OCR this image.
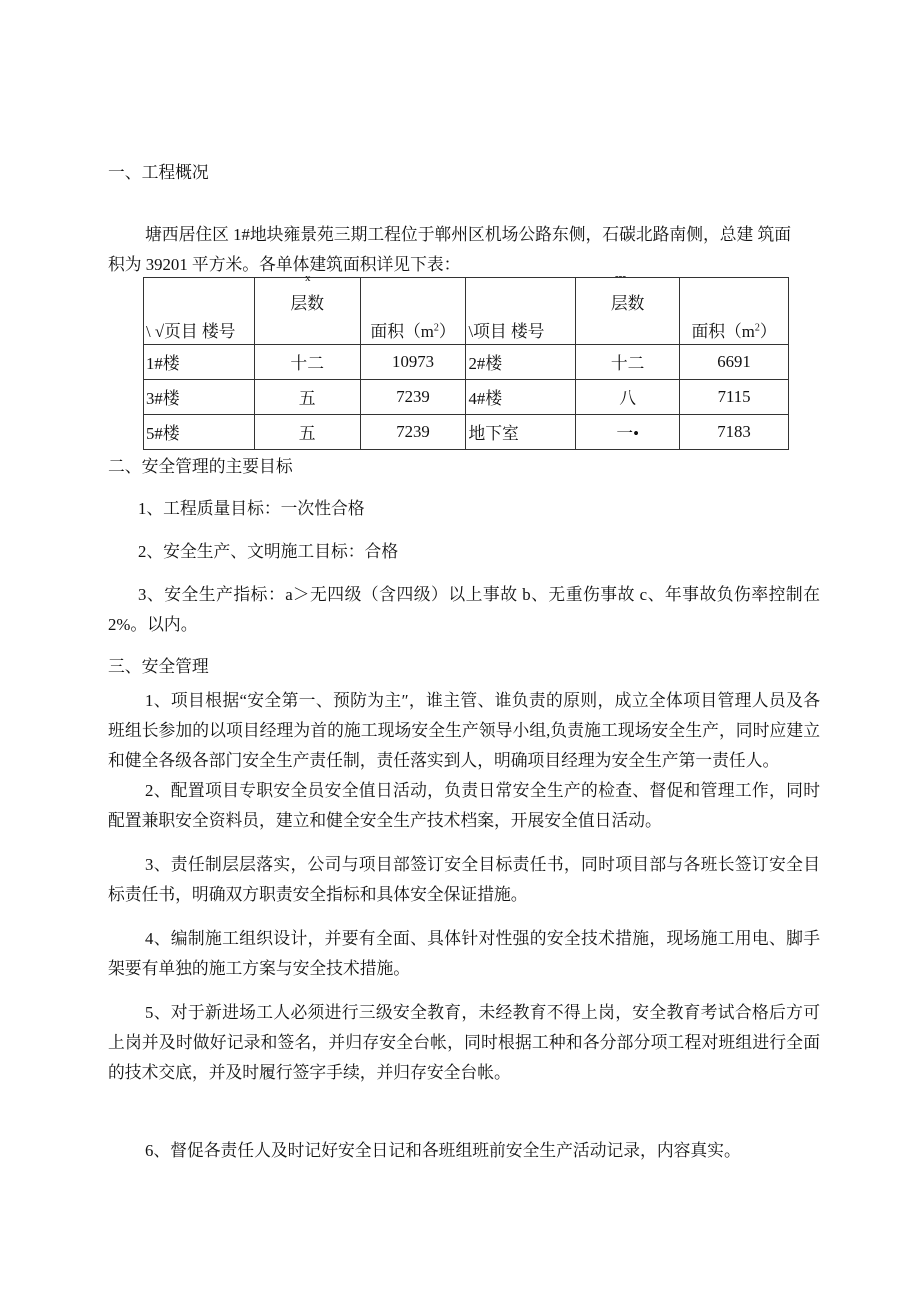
一、工程概况
塘西居住区 1#地块雍景苑三期工程位于郸州区机场公路东侧，石碳北路南侧，总建 筑面
积为 39201 平方米。各单体建筑面积详见下表：
x	---
\ √页目 楼号	层数	面积$(m^2)$	\项目 楼号	层数	面积$(m^2)$
1#楼	十二	10973	2#楼	十二	6691
3#楼	五	7239	4#楼	八	7115
5#楼	五	7239	地下室	一•	7183
二、安全管理的主要目标
1、工程质量目标：一次性合格
2、安全生产、文明施工目标：合格
3、安全生产指标：a＞无四级（含四级）以上事故 b、无重伤事故 c、年事故负伤率控制在 2%。以内。
三、安全管理
1、项目根据“安全第一、预防为主″，谁主管、谁负责的原则，成立全体项目管理人员及各班组长参加的以项目经理为首的施工现场安全生产领导小组,负责施工现场安全生产，同时应建立和健全各级各部门安全生产责任制，责任落实到人，明确项目经理为安全生产第一责任人。
2、配置项目专职安全员安全值日活动，负责日常安全生产的检查、督促和管理工作，同时配置兼职安全资料员，建立和健全安全生产技术档案，开展安全值日活动。
3、责任制层层落实，公司与项目部签订安全目标责任书，同时项目部与各班长签订安全目标责任书，明确双方职责安全指标和具体安全保证措施。
4、编制施工组织设计，并要有全面、具体针对性强的安全技术措施，现场施工用电、脚手架要有单独的施工方案与安全技术措施。
5、对于新进场工人必须进行三级安全教育，未经教育不得上岗，安全教育考试合格后方可上岗并及时做好记录和签名，并归存安全台帐，同时根据工种和各分部分项工程对班组进行全面的技术交底，并及时履行签字手续，并归存安全台帐。
6、督促各责任人及时记好安全日记和各班组班前安全生产活动记录，内容真实。
